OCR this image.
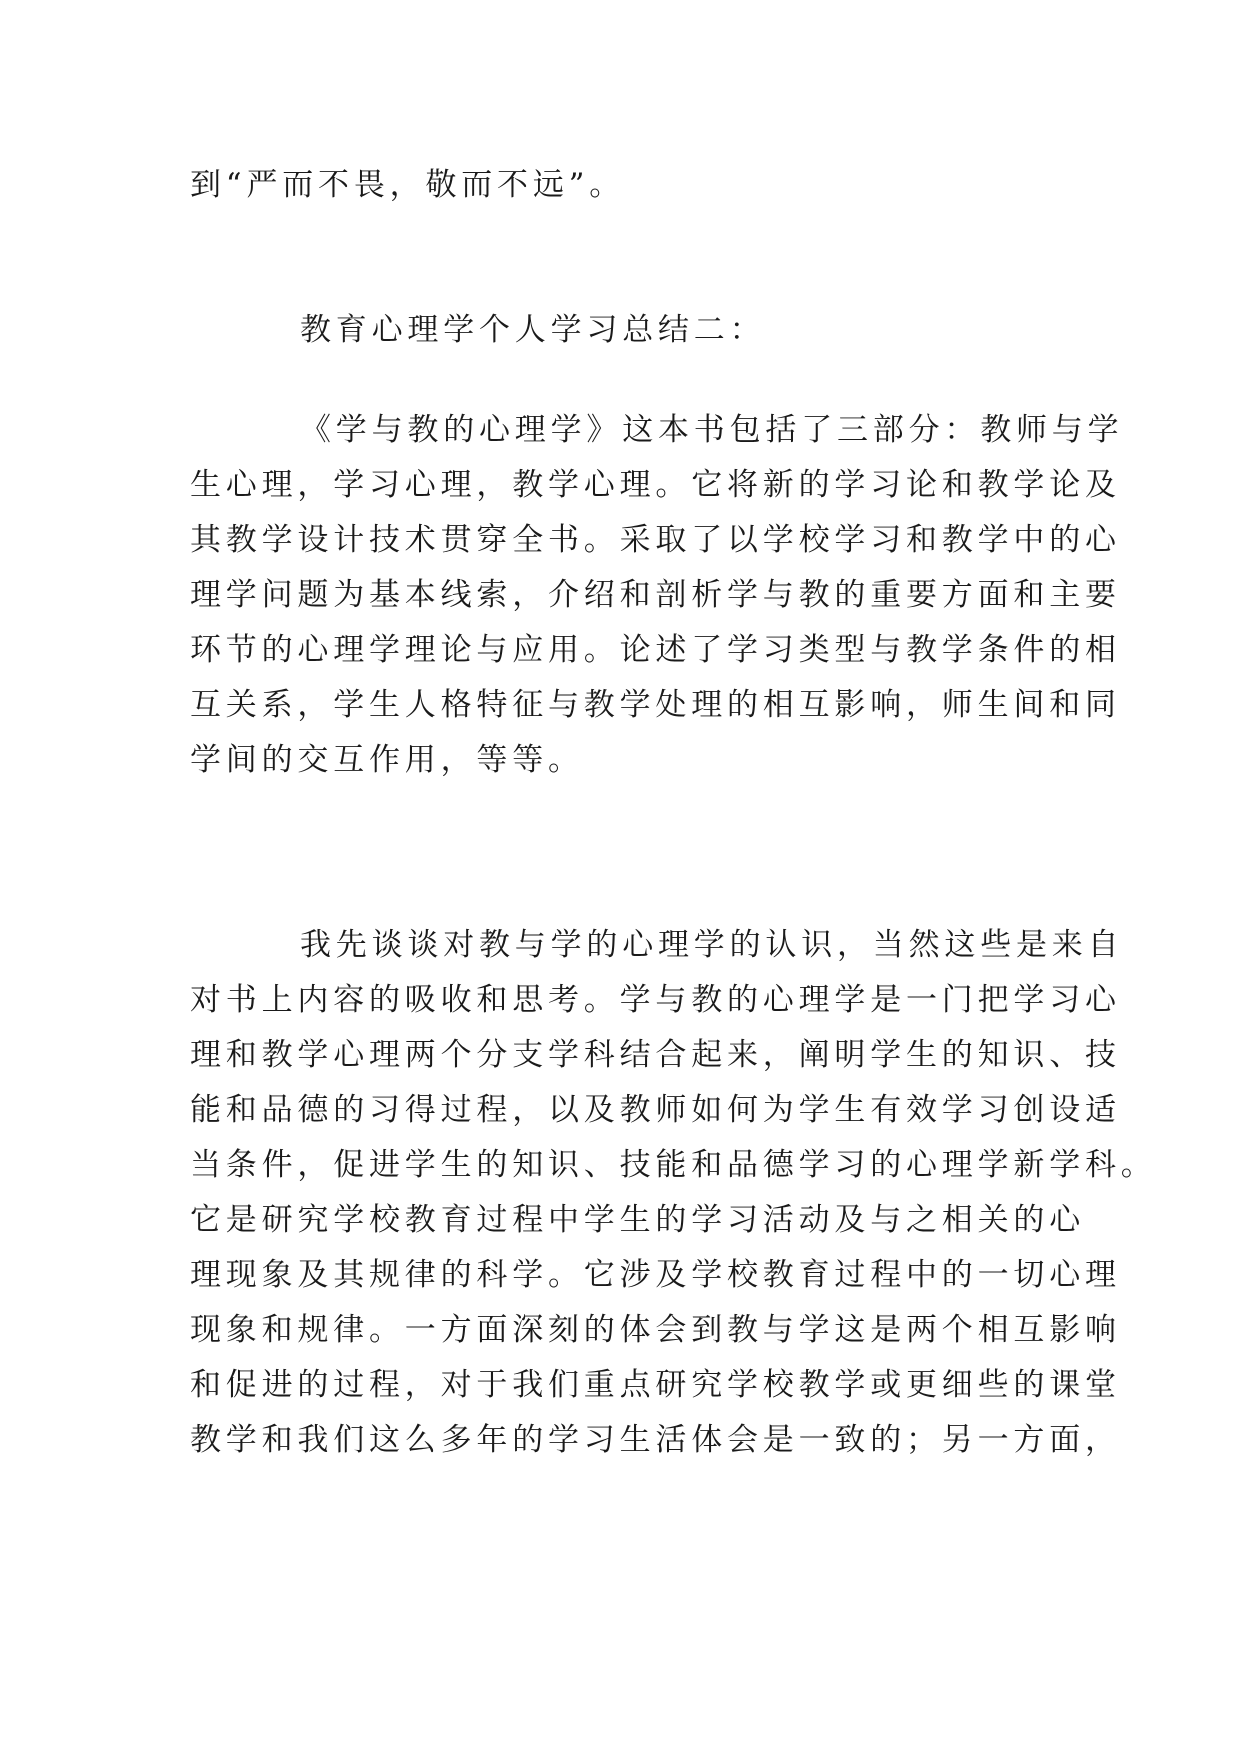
到“严而不畏，敬而不远”。

教育心理学个人学习总结二：

《学与教的心理学》这本书包括了三部分：教师与学

生心理，学习心理，教学心理。它将新的学习论和教学论及

其教学设计技术贯穿全书。采取了以学校学习和教学中的心

理学问题为基本线索，介绍和剖析学与教的重要方面和主要

环节的心理学理论与应用。论述了学习类型与教学条件的相

互关系，学生人格特征与教学处理的相互影响，师生间和同

学间的交互作用，等等。

我先谈谈对教与学的心理学的认识，当然这些是来自

对书上内容的吸收和思考。学与教的心理学是一门把学习心

理和教学心理两个分支学科结合起来，阐明学生的知识、技

能和品德的习得过程，以及教师如何为学生有效学习创设适

当条件，促进学生的知识、技能和品德学习的心理学新学科。

它是研究学校教育过程中学生的学习活动及与之相关的心

理现象及其规律的科学。它涉及学校教育过程中的一切心理

现象和规律。一方面深刻的体会到教与学这是两个相互影响

和促进的过程，对于我们重点研究学校教学或更细些的课堂

教学和我们这么多年的学习生活体会是一致的；另一方面，
